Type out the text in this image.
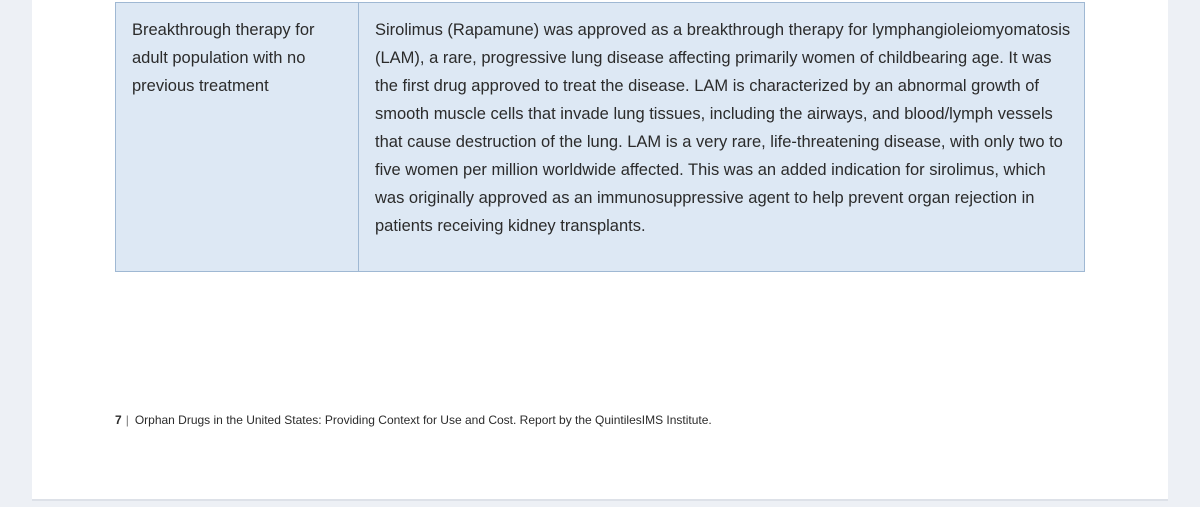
Breakthrough therapy for adult population with no previous treatment
Sirolimus (Rapamune) was approved as a breakthrough therapy for lymphangioleiomyomatosis (LAM), a rare, progressive lung disease affecting primarily women of childbearing age. It was the first drug approved to treat the disease. LAM is characterized by an abnormal growth of smooth muscle cells that invade lung tissues, including the airways, and blood/lymph vessels that cause destruction of the lung. LAM is a very rare, life-threatening disease, with only two to five women per million worldwide affected. This was an added indication for sirolimus, which was originally approved as an immunosuppressive agent to help prevent organ rejection in patients receiving kidney transplants.
7 | Orphan Drugs in the United States: Providing Context for Use and Cost. Report by the QuintilesIMS Institute.
